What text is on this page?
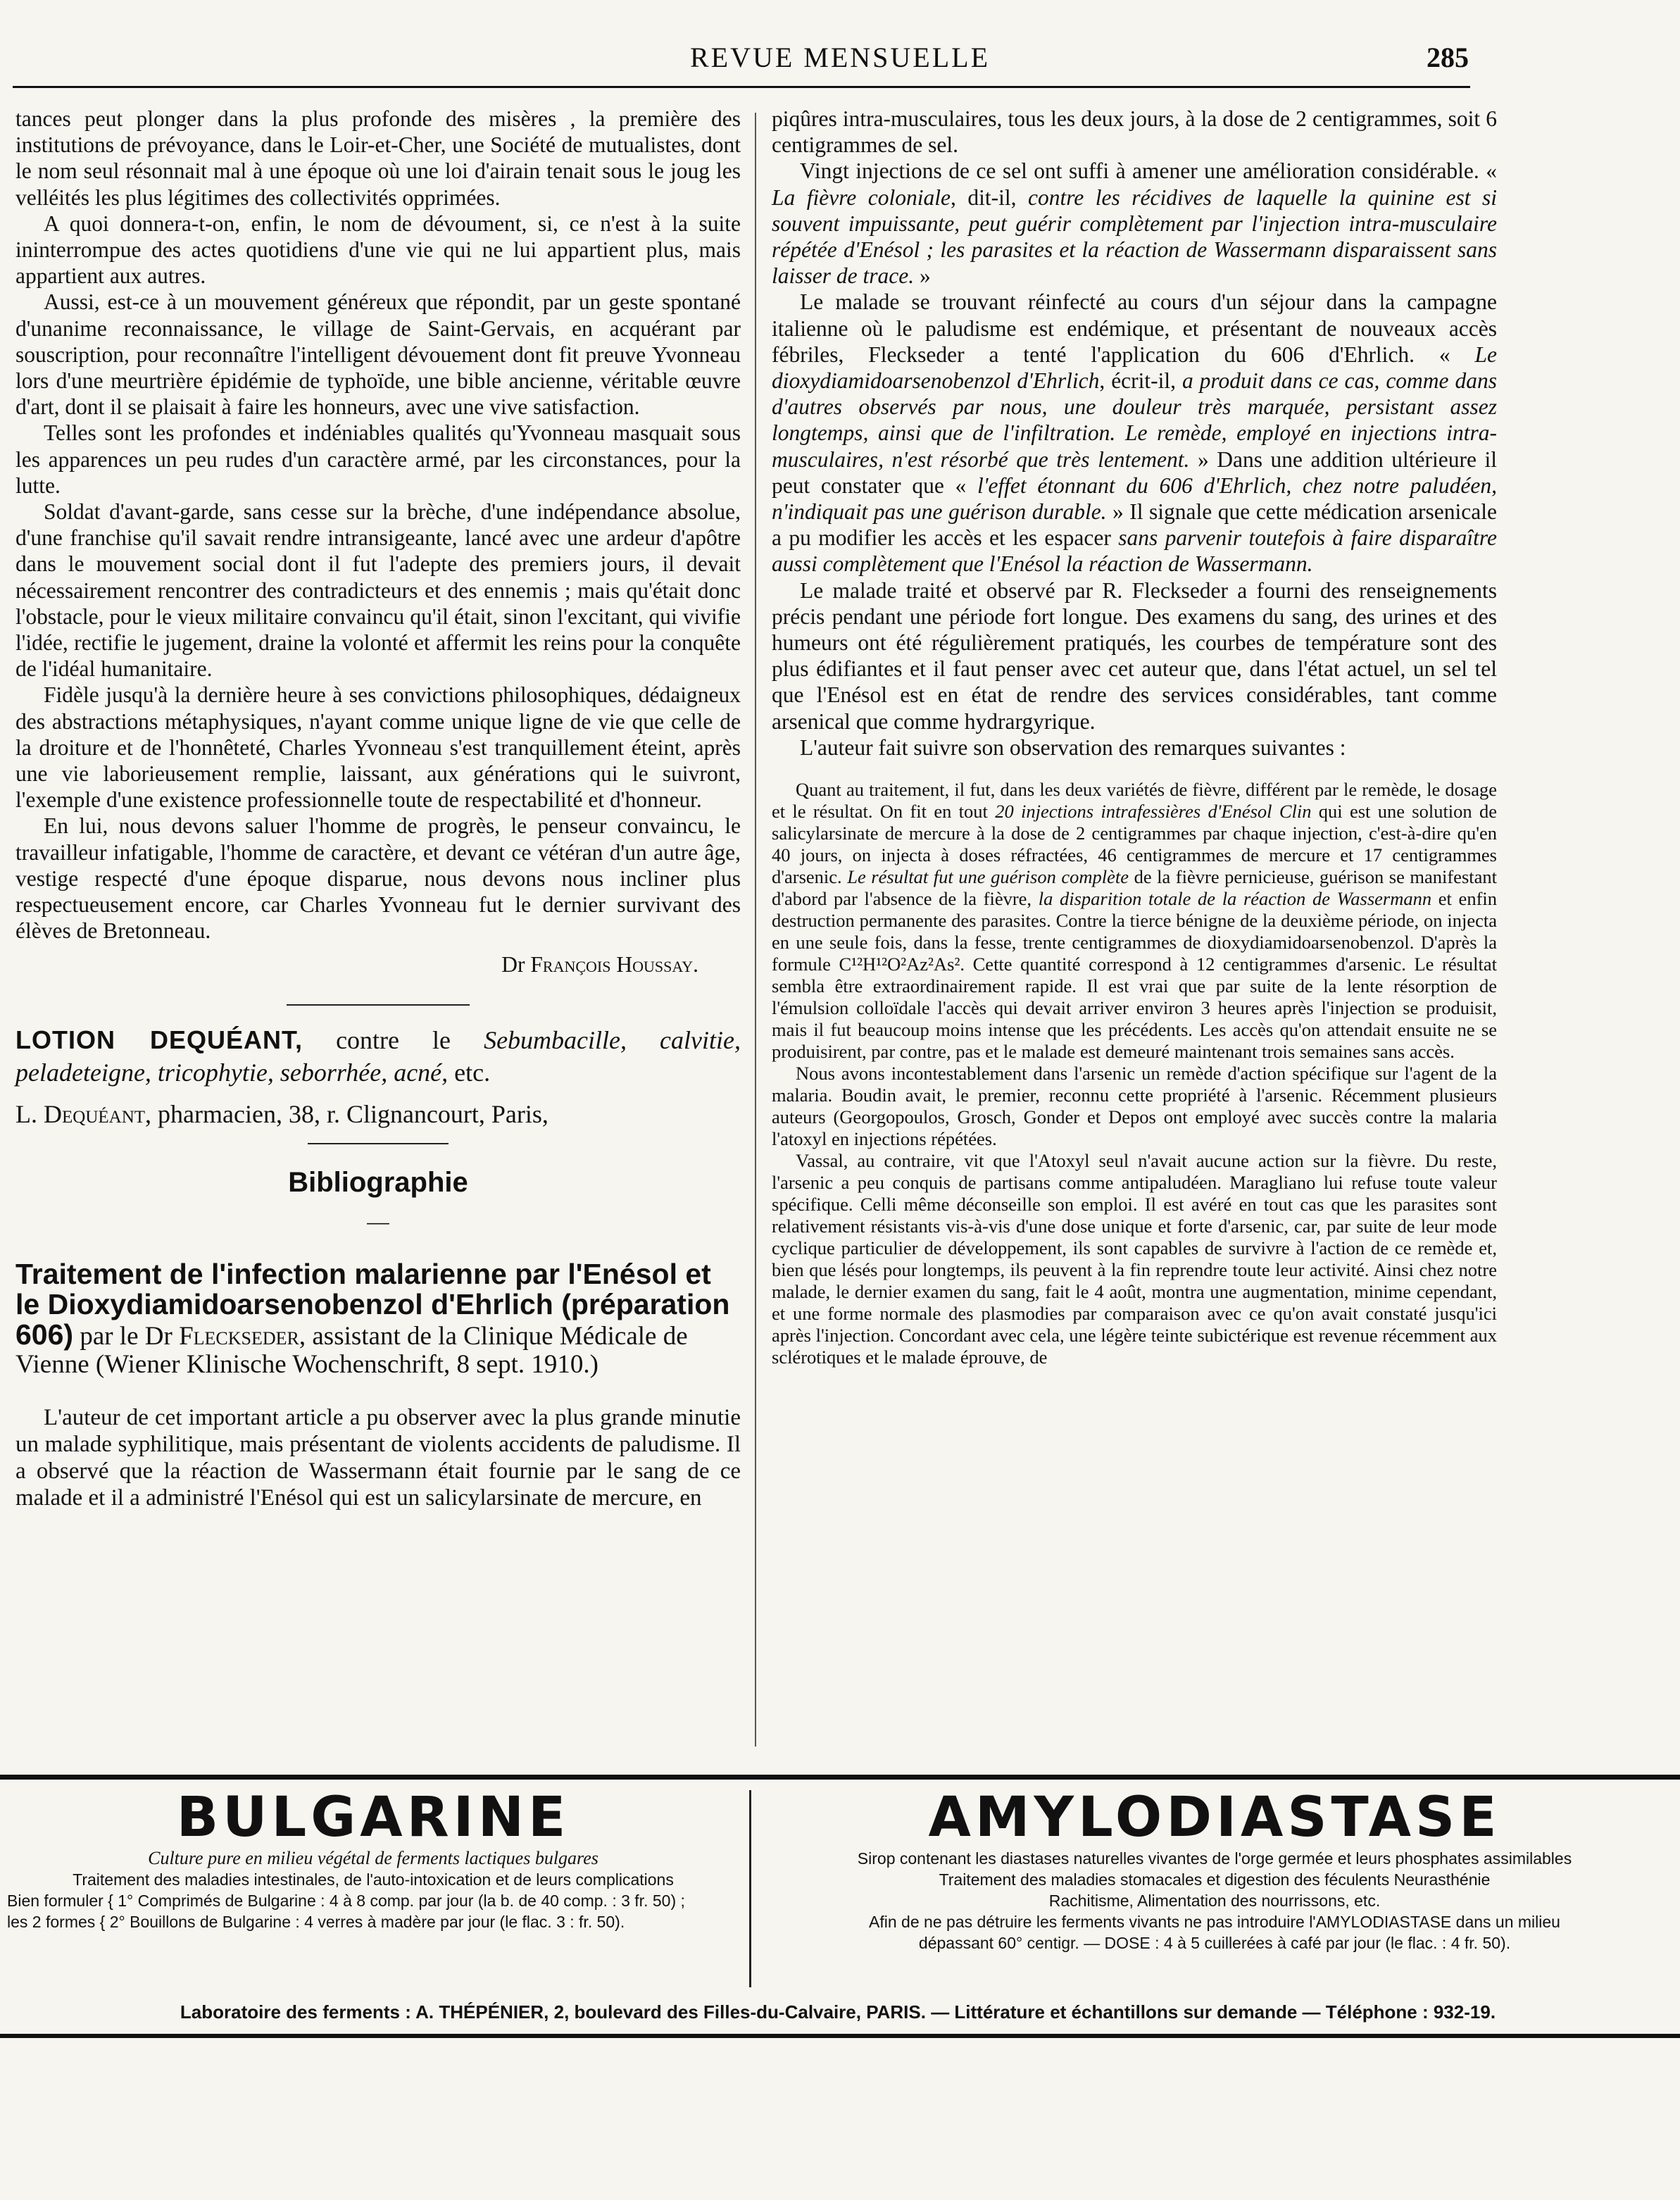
REVUE MENSUELLE	285

tances peut plonger dans la plus profonde des misères , la première des institutions de prévoyance, dans le Loir-et-Cher, une Société de mutualistes, dont le nom seul résonnait mal à une époque où une loi d'airain tenait sous le joug les velléités les plus légitimes des collectivités opprimées.

A quoi donnera-t-on, enfin, le nom de dévoument, si, ce n'est à la suite ininterrompue des actes quotidiens d'une vie qui ne lui appartient plus, mais appartient aux autres.

Aussi, est-ce à un mouvement généreux que répondit, par un geste spontané d'unanime reconnaissance, le village de Saint-Gervais, en acquérant par souscription, pour reconnaître l'intelligent dévouement dont fit preuve Yvonneau lors d'une meurtrière épidémie de typhoïde, une bible ancienne, véritable œuvre d'art, dont il se plaisait à faire les honneurs, avec une vive satisfaction.

Telles sont les profondes et indéniables qualités qu'Yvonneau masquait sous les apparences un peu rudes d'un caractère armé, par les circonstances, pour la lutte.

Soldat d'avant-garde, sans cesse sur la brèche, d'une indépendance absolue, d'une franchise qu'il savait rendre intransigeante, lancé avec une ardeur d'apôtre dans le mouvement social dont il fut l'adepte des premiers jours, il devait nécessairement rencontrer des contradicteurs et des ennemis ; mais qu'était donc l'obstacle, pour le vieux militaire convaincu qu'il était, sinon l'excitant, qui vivifie l'idée, rectifie le jugement, draine la volonté et affermit les reins pour la conquête de l'idéal humanitaire.

Fidèle jusqu'à la dernière heure à ses convictions philosophiques, dédaigneux des abstractions métaphysiques, n'ayant comme unique ligne de vie que celle de la droiture et de l'honnêteté, Charles Yvonneau s'est tranquillement éteint, après une vie laborieusement remplie, laissant, aux générations qui le suivront, l'exemple d'une existence professionnelle toute de respectabilité et d'honneur.

En lui, nous devons saluer l'homme de progrès, le penseur convaincu, le travailleur infatigable, l'homme de caractère, et devant ce vétéran d'un autre âge, vestige respecté d'une époque disparue, nous devons nous incliner plus respectueusement encore, car Charles Yvonneau fut le dernier survivant des élèves de Bretonneau.

Dr François Houssay.

LOTION DEQUÉANT, contre le Sebumbacille, calvitie, peladeteigne, tricophytie, seborrhée, acné, etc.

L. Dequéant, pharmacien, 38, r. Clignancourt, Paris,

Bibliographie

—

Traitement de l'infection malarienne par l'Enésol et le Dioxydiamidoarsenobenzol d'Ehrlich (préparation 606) par le Dr Fleckseder, assistant de la Clinique Médicale de Vienne (Wiener Klinische Wochenschrift, 8 sept. 1910.)

L'auteur de cet important article a pu observer avec la plus grande minutie un malade syphilitique, mais présentant de violents accidents de paludisme. Il a observé que la réaction de Wassermann était fournie par le sang de ce malade et il a administré l'Enésol qui est un salicylarsinate de mercure, en

piqûres intra-musculaires, tous les deux jours, à la dose de 2 centigrammes, soit 6 centigrammes de sel.

Vingt injections de ce sel ont suffi à amener une amélioration considérable. « La fièvre coloniale, dit-il, contre les récidives de laquelle la quinine est si souvent impuissante, peut guérir complètement par l'injection intra-musculaire répétée d'Enésol ; les parasites et la réaction de Wassermann disparaissent sans laisser de trace. »

Le malade se trouvant réinfecté au cours d'un séjour dans la campagne italienne où le paludisme est endémique, et présentant de nouveaux accès fébriles, Fleckseder a tenté l'application du 606 d'Ehrlich. « Le dioxydiamidoarsenobenzol d'Ehrlich, écrit-il, a produit dans ce cas, comme dans d'autres observés par nous, une douleur très marquée, persistant assez longtemps, ainsi que de l'infiltration. Le remède, employé en injections intra-musculaires, n'est résorbé que très lentement. » Dans une addition ultérieure il peut constater que « l'effet étonnant du 606 d'Ehrlich, chez notre paludéen, n'indiquait pas une guérison durable. » Il signale que cette médication arsenicale a pu modifier les accès et les espacer sans parvenir toutefois à faire disparaître aussi complètement que l'Enésol la réaction de Wassermann.

Le malade traité et observé par R. Fleckseder a fourni des renseignements précis pendant une période fort longue. Des examens du sang, des urines et des humeurs ont été régulièrement pratiqués, les courbes de température sont des plus édifiantes et il faut penser avec cet auteur que, dans l'état actuel, un sel tel que l'Enésol est en état de rendre des services considérables, tant comme arsenical que comme hydrargyrique.

L'auteur fait suivre son observation des remarques suivantes :

Quant au traitement, il fut, dans les deux variétés de fièvre, différent par le remède, le dosage et le résultat. On fit en tout 20 injections intrafessières d'Enésol Clin qui est une solution de salicylarsinate de mercure à la dose de 2 centigrammes par chaque injection, c'est-à-dire qu'en 40 jours, on injecta à doses réfractées, 46 centigrammes de mercure et 17 centigrammes d'arsenic. Le résultat fut une guérison complète de la fièvre pernicieuse, guérison se manifestant d'abord par l'absence de la fièvre, la disparition totale de la réaction de Wassermann et enfin destruction permanente des parasites. Contre la tierce bénigne de la deuxième période, on injecta en une seule fois, dans la fesse, trente centigrammes de dioxydiamidoarsenobenzol. D'après la formule C¹²H¹²O²Az²As². Cette quantité correspond à 12 centigrammes d'arsenic. Le résultat sembla être extraordinairement rapide. Il est vrai que par suite de la lente résorption de l'émulsion colloïdale l'accès qui devait arriver environ 3 heures après l'injection se produisit, mais il fut beaucoup moins intense que les précédents. Les accès qu'on attendait ensuite ne se produisirent, par contre, pas et le malade est demeuré maintenant trois semaines sans accès.

Nous avons incontestablement dans l'arsenic un remède d'action spécifique sur l'agent de la malaria. Boudin avait, le premier, reconnu cette propriété à l'arsenic. Récemment plusieurs auteurs (Georgopoulos, Grosch, Gonder et Depos ont employé avec succès contre la malaria l'atoxyl en injections répétées.

Vassal, au contraire, vit que l'Atoxyl seul n'avait aucune action sur la fièvre. Du reste, l'arsenic a peu conquis de partisans comme antipaludéen. Maragliano lui refuse toute valeur spécifique. Celli même déconseille son emploi. Il est avéré en tout cas que les parasites sont relativement résistants vis-à-vis d'une dose unique et forte d'arsenic, car, par suite de leur mode cyclique particulier de développement, ils sont capables de survivre à l'action de ce remède et, bien que lésés pour longtemps, ils peuvent à la fin reprendre toute leur activité. Ainsi chez notre malade, le dernier examen du sang, fait le 4 août, montra une augmentation, minime cependant, et une forme normale des plasmodies par comparaison avec ce qu'on avait constaté jusqu'ici après l'injection. Concordant avec cela, une légère teinte subictérique est revenue récemment aux sclérotiques et le malade éprouve, de

BULGARINE
Culture pure en milieu végétal de ferments lactiques bulgares
Traitement des maladies intestinales, de l'auto-intoxication et de leurs complications
Bien formuler { 1° Comprimés de Bulgarine : 4 à 8 comp. par jour (la b. de 40 comp. : 3 fr. 50) ;
les 2 formes { 2° Bouillons de Bulgarine : 4 verres à madère par jour (le flac. 3 : fr. 50).
AMYLODIASTASE
Sirop contenant les diastases naturelles vivantes de l'orge germée et leurs phosphates assimilables
Traitement des maladies stomacales et digestion des féculents Neurasthénie
Rachitisme, Alimentation des nourrissons, etc.
Afin de ne pas détruire les ferments vivants ne pas introduire l'AMYLODIASTASE dans un milieu
dépassant 60° centigr. — DOSE : 4 à 5 cuillerées à café par jour (le flac. : 4 fr. 50).
Laboratoire des ferments : A. THÉPÉNIER, 2, boulevard des Filles-du-Calvaire, PARIS. — Littérature et échantillons sur demande — Téléphone : 932-19.
